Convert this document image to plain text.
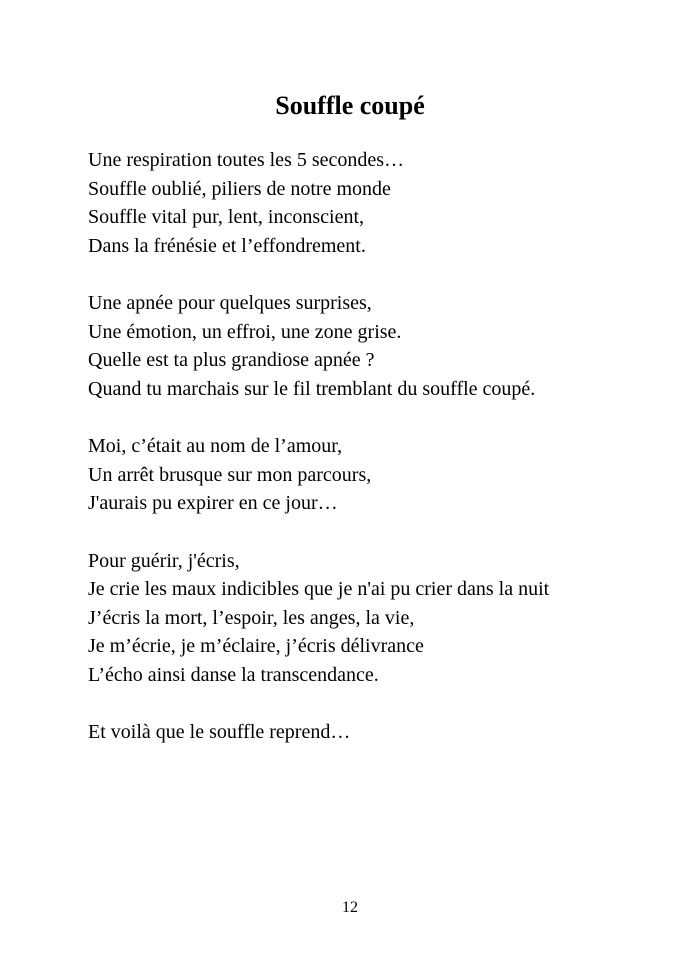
Souffle coupé
Une respiration toutes les 5 secondes…
Souffle oublié, piliers de notre monde
Souffle vital pur, lent, inconscient,
Dans la frénésie et l’effondrement.
Une apnée pour quelques surprises,
Une émotion, un effroi, une zone grise.
Quelle est ta plus grandiose apnée ?
Quand tu marchais sur le fil tremblant du souffle coupé.
Moi, c’était au nom de l’amour,
Un arrêt brusque sur mon parcours,
J'aurais pu expirer en ce jour…
Pour guérir, j'écris,
Je crie les maux indicibles que je n'ai pu crier dans la nuit
J’écris la mort, l’espoir, les anges, la vie,
Je m’écrie, je m’éclaire, j’écris délivrance
L’écho ainsi danse la transcendance.
Et voilà que le souffle reprend…
12
